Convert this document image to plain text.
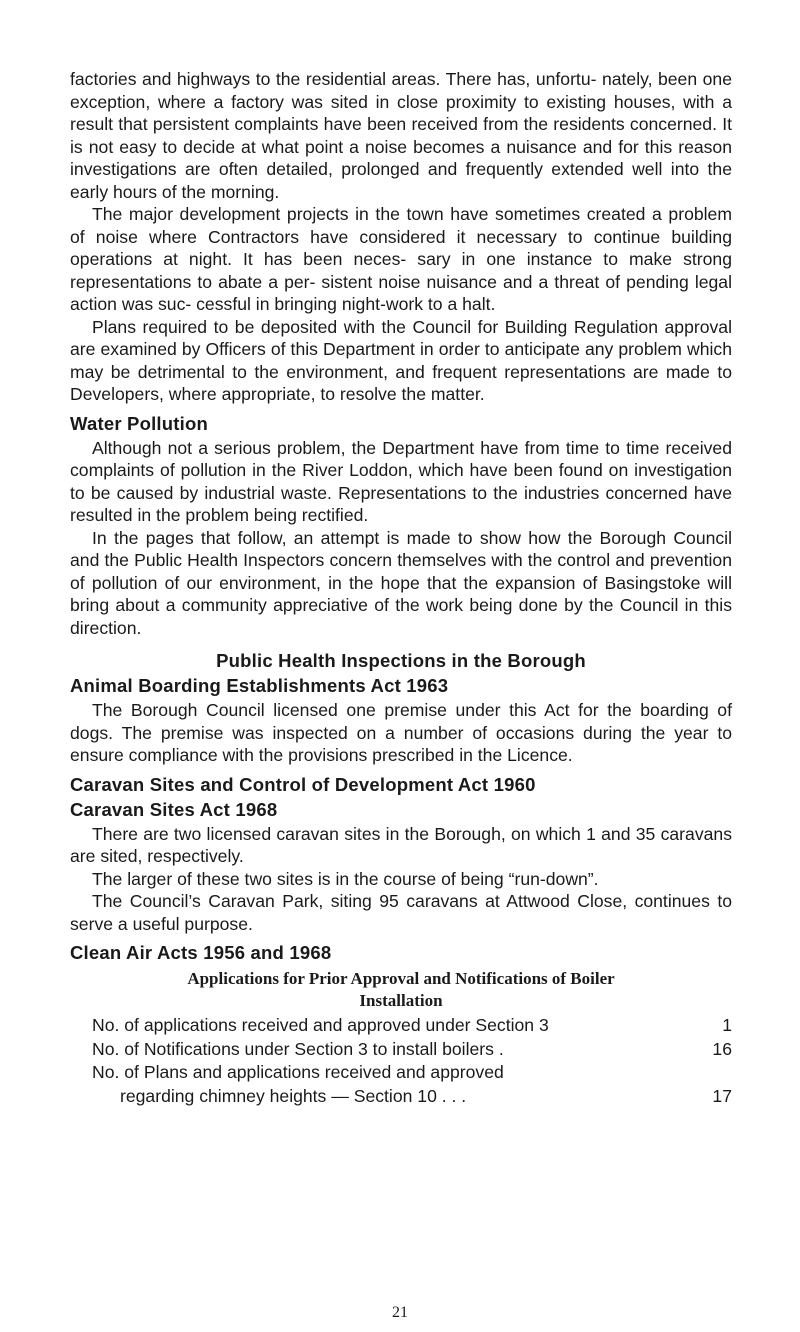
factories and highways to the residential areas. There has, unfortu- nately, been one exception, where a factory was sited in close proximity to existing houses, with a result that persistent complaints have been received from the residents concerned. It is not easy to decide at what point a noise becomes a nuisance and for this reason investigations are often detailed, prolonged and frequently extended well into the early hours of the morning.

The major development projects in the town have sometimes created a problem of noise where Contractors have considered it necessary to continue building operations at night. It has been neces- sary in one instance to make strong representations to abate a per- sistent noise nuisance and a threat of pending legal action was suc- cessful in bringing night-work to a halt.

Plans required to be deposited with the Council for Building Regulation approval are examined by Officers of this Department in order to anticipate any problem which may be detrimental to the environment, and frequent representations are made to Developers, where appropriate, to resolve the matter.

Water Pollution

Although not a serious problem, the Department have from time to time received complaints of pollution in the River Loddon, which have been found on investigation to be caused by industrial waste. Representations to the industries concerned have resulted in the problem being rectified.

In the pages that follow, an attempt is made to show how the Borough Council and the Public Health Inspectors concern themselves with the control and prevention of pollution of our environment, in the hope that the expansion of Basingstoke will bring about a community appreciative of the work being done by the Council in this direction.

Public Health Inspections in the Borough
Animal Boarding Establishments Act 1963

The Borough Council licensed one premise under this Act for the boarding of dogs. The premise was inspected on a number of occasions during the year to ensure compliance with the provisions prescribed in the Licence.

Caravan Sites and Control of Development Act 1960
Caravan Sites Act 1968

There are two licensed caravan sites in the Borough, on which 1 and 35 caravans are sited, respectively.

The larger of these two sites is in the course of being “run-down”.

The Council’s Caravan Park, siting 95 caravans at Attwood Close, continues to serve a useful purpose.

Clean Air Acts 1956 and 1968
Applications for Prior Approval and Notifications of Boiler Installation
No. of applications received and approved under Section 3	1
No. of Notifications under Section 3 to install boilers .	16
No. of Plans and applications received and approved
regarding chimney heights — Section 10 . . .	17
21
